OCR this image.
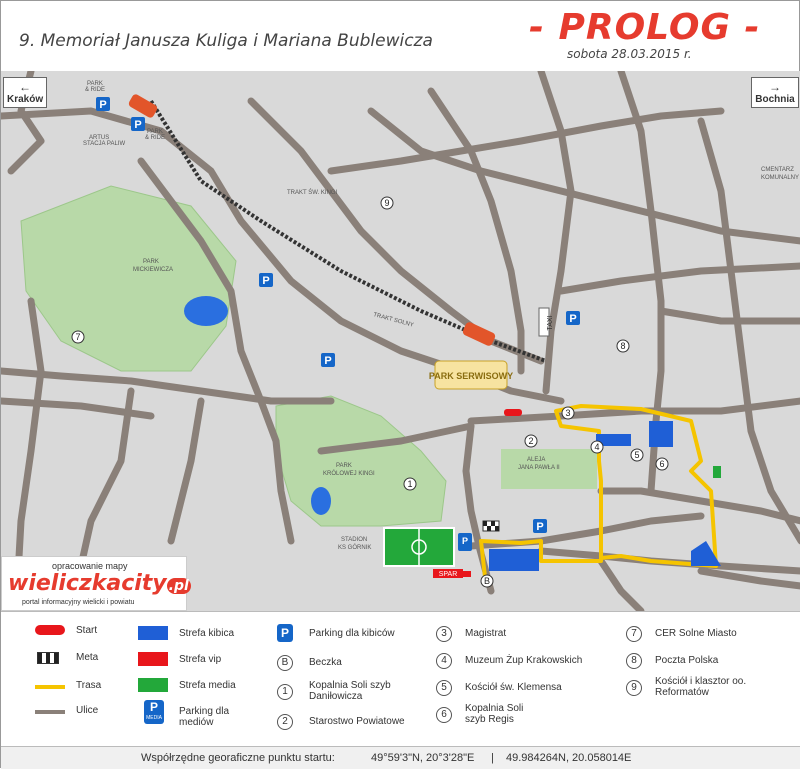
9. Memoriał Janusza Kuliga i Mariana Bublewicza	- PROLOG -
sobota 28.03.2015 r.
P
P
P
P
P
P
P
9
7
1
2
3
4
5
6
8
B
PARK SERWISOWY
TRAKT ŚW. KINGI
TRAKT SOLNY
PARK
MICKIEWICZA
PARK
KRÓLOWEJ KINGI
STADION
KS GÓRNIK
ALEJA
JANA PAWŁA II
CMENTARZ
KOMUNALNY
PARK
& RIDE
PARK
& RIDE
ARTUS
STACJA PALIW
TAXI
SPAR
←
Kraków
→
Bochnia
opracowanie mapy
wieliczkacity .pl
portal informacyjny wielicki i powiatu
Start
Meta
Trasa
Ulice
Strefa kibica
Strefa vip
Strefa media
P
MEDIA
Parking dla mediów
P	Parking dla kibiców
B	Beczka
1
Kopalnia Soli szyb Daniłowicza
2	Starostwo Powiatowe
3	Magistrat
4	Muzeum Żup Krakowskich
5	Kościół św. Klemensa
6
Kopalnia Soli szyb Regis
7	CER Solne Miasto
8	Poczta Polska
9
Kościół i klasztor oo. Reformatów
Współrzędne georaficzne punktu startu:	49°59'3"N, 20°3'28"E | 49.984264N, 20.058014E
